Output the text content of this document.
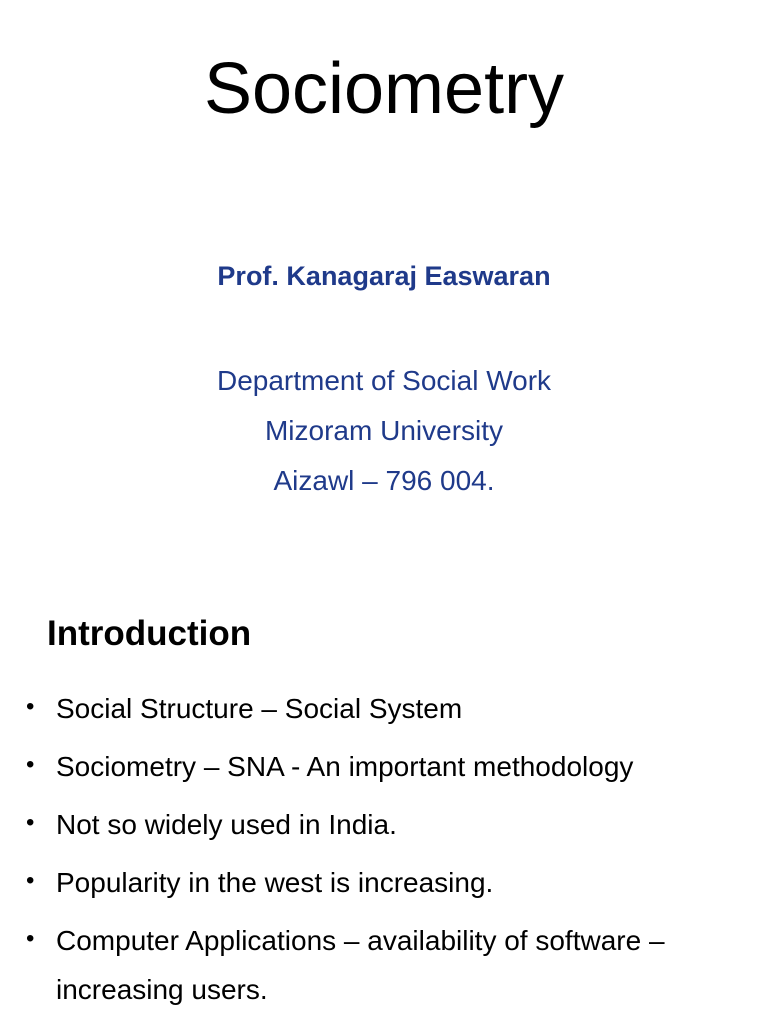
Sociometry

Prof. Kanagaraj Easwaran

Department of Social Work
Mizoram University
Aizawl – 796 004.
Introduction
• Social Structure – Social System
• Sociometry – SNA - An important methodology
• Not so widely used in India.
• Popularity in the west is increasing.
• Computer Applications – availability of software – increasing users.
